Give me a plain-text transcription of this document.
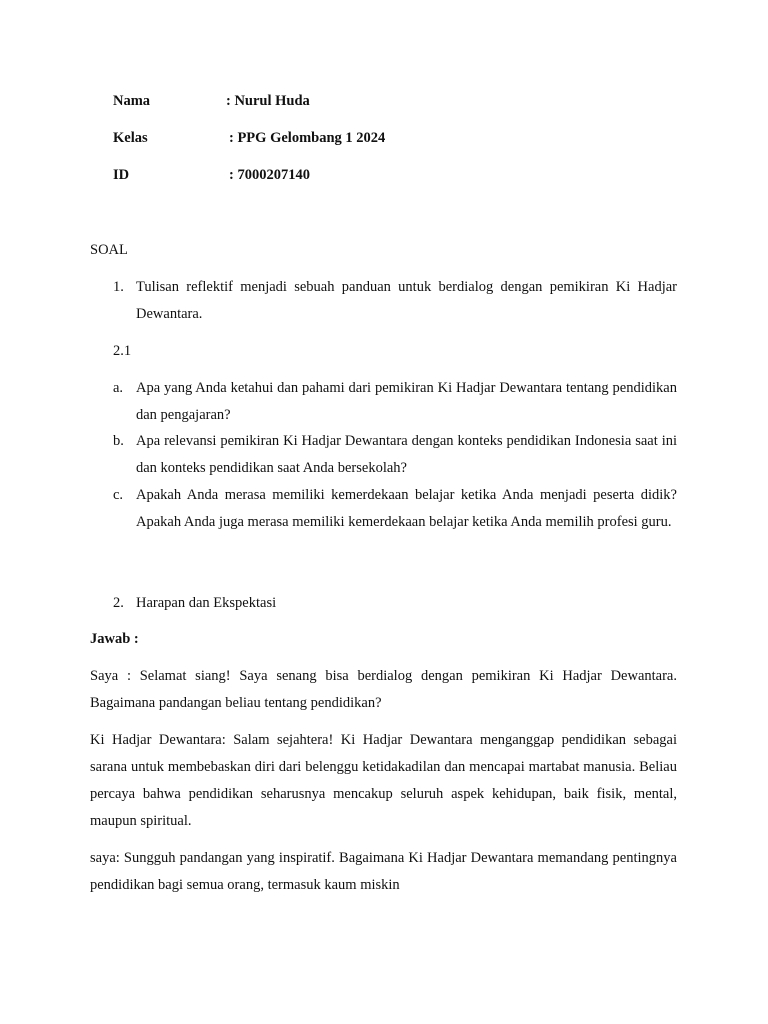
Nama	: Nurul Huda
Kelas	: PPG Gelombang 1 2024
ID	: 7000207140
SOAL
1. Tulisan reflektif menjadi sebuah panduan untuk berdialog dengan pemikiran Ki Hadjar Dewantara.
2.1
a. Apa yang Anda ketahui dan pahami dari pemikiran Ki Hadjar Dewantara tentang pendidikan dan pengajaran?
b. Apa relevansi pemikiran Ki Hadjar Dewantara dengan konteks pendidikan Indonesia saat ini dan konteks pendidikan saat Anda bersekolah?
c. Apakah Anda merasa memiliki kemerdekaan belajar ketika Anda menjadi peserta didik? Apakah Anda juga merasa memiliki kemerdekaan belajar ketika Anda memilih profesi guru.
2. Harapan dan Ekspektasi
Jawab :
Saya : Selamat siang! Saya senang bisa berdialog dengan pemikiran Ki Hadjar Dewantara. Bagaimana pandangan beliau tentang pendidikan?
Ki Hadjar Dewantara: Salam sejahtera! Ki Hadjar Dewantara menganggap pendidikan sebagai sarana untuk membebaskan diri dari belenggu ketidakadilan dan mencapai martabat manusia. Beliau percaya bahwa pendidikan seharusnya mencakup seluruh aspek kehidupan, baik fisik, mental, maupun spiritual.
saya: Sungguh pandangan yang inspiratif. Bagaimana Ki Hadjar Dewantara memandang pentingnya pendidikan bagi semua orang, termasuk kaum miskin
